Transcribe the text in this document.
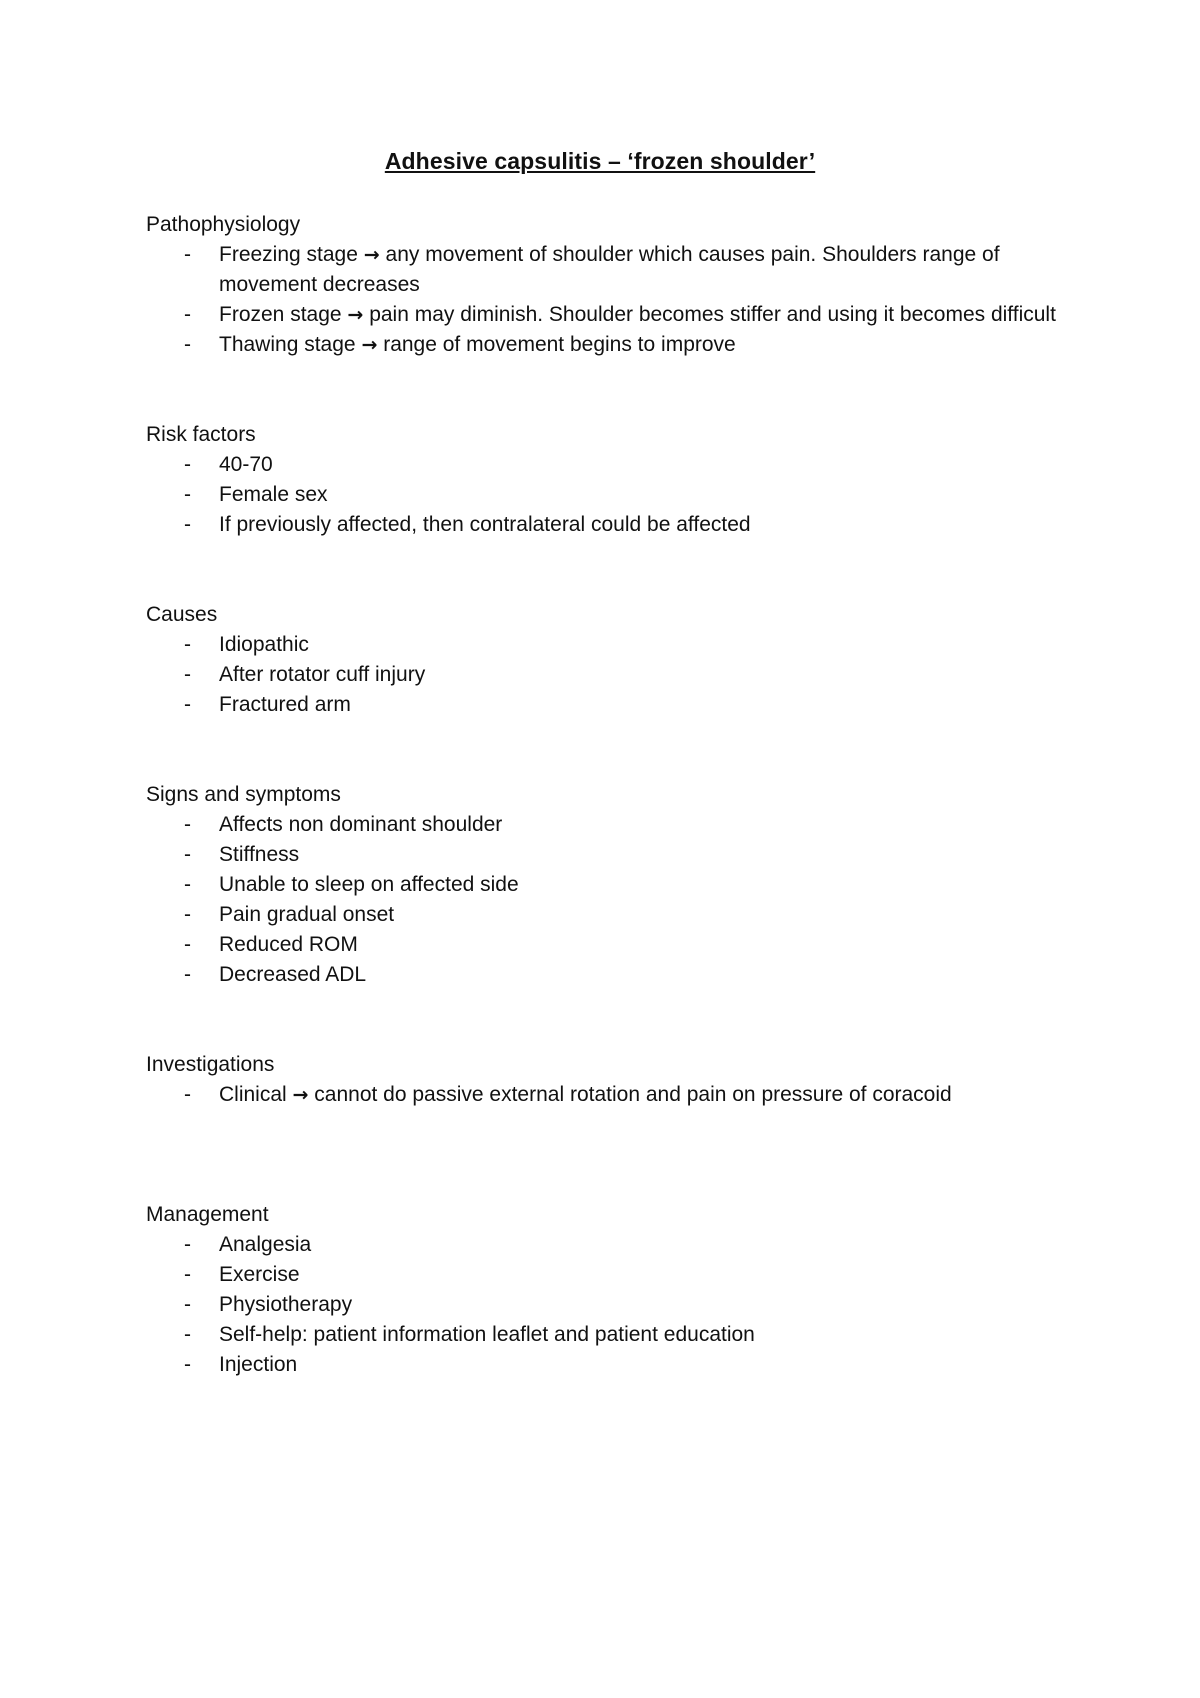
Adhesive capsulitis – ‘frozen shoulder’
Pathophysiology
- Freezing stage → any movement of shoulder which causes pain. Shoulders range of movement decreases
- Frozen stage → pain may diminish. Shoulder becomes stiffer and using it becomes difficult
- Thawing stage → range of movement begins to improve
Risk factors
- 40-70
- Female sex
- If previously affected, then contralateral could be affected
Causes
- Idiopathic
- After rotator cuff injury
- Fractured arm
Signs and symptoms
- Affects non dominant shoulder
- Stiffness
- Unable to sleep on affected side
- Pain gradual onset
- Reduced ROM
- Decreased ADL
Investigations
- Clinical → cannot do passive external rotation and pain on pressure of coracoid
Management
- Analgesia
- Exercise
- Physiotherapy
- Self-help: patient information leaflet and patient education
- Injection
